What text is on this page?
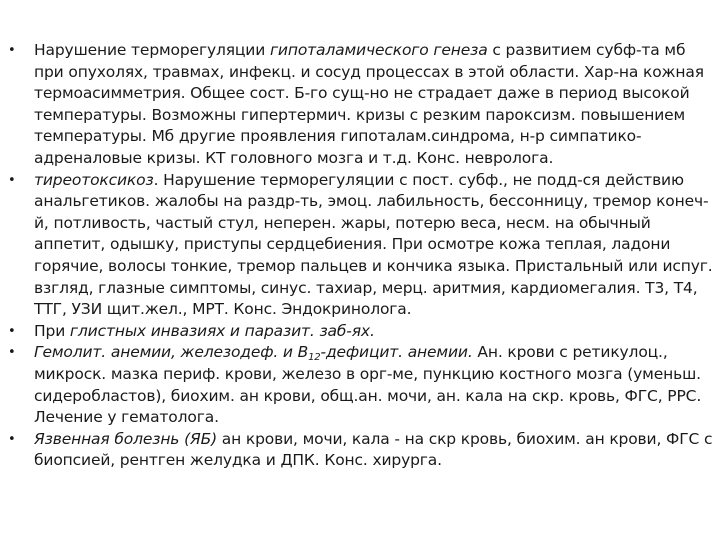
• Нарушение терморегуляции гипоталамического генеза с развитием субф-та мб при опухолях, травмах, инфекц. и сосуд процессах в этой области. Хар-на кожная термоасимметрия. Общее сост. Б-го сущ-но не страдает даже в период высокой температуры. Возможны гипертермич. кризы с резким пароксизм. повышением температуры. Мб другие проявления гипоталам.синдрома, н-р симпатико-адреналовые кризы. КТ головного мозга и т.д. Конс. невролога.
• тиреотоксикоз. Нарушение терморегуляции с пост. субф., не подд-ся действию анальгетиков. жалобы на раздр-ть, эмоц. лабильность, бессонницу, тремор конеч-й, потливость, частый стул, неперен. жары, потерю веса, несм. на обычный аппетит, одышку, приступы сердцебиения. При осмотре кожа теплая, ладони горячие, волосы тонкие, тремор пальцев и кончика языка. Пристальный или испуг. взгляд, глазные симптомы, синус. тахиар, мерц. аритмия, кардиомегалия. Т3, Т4, ТТГ, УЗИ щит.жел., МРТ. Конс. Эндокринолога.
• При глистных инвазиях и паразит. заб-ях.
• Гемолит. анемии, железодеф. и $В_{12}$-дефицит. анемии. Ан. крови с ретикулоц., микроск. мазка периф. крови, железо в орг-ме, пункцию костного мозга (уменьш. сидеробластов), биохим. ан крови, общ.ан. мочи, ан. кала на скр. кровь, ФГС, РРС. Лечение у гематолога.
• Язвенная болезнь (ЯБ) ан крови, мочи, кала - на скр кровь, биохим. ан крови, ФГС с биопсией, рентген желудка и ДПК. Конс. хирурга.
